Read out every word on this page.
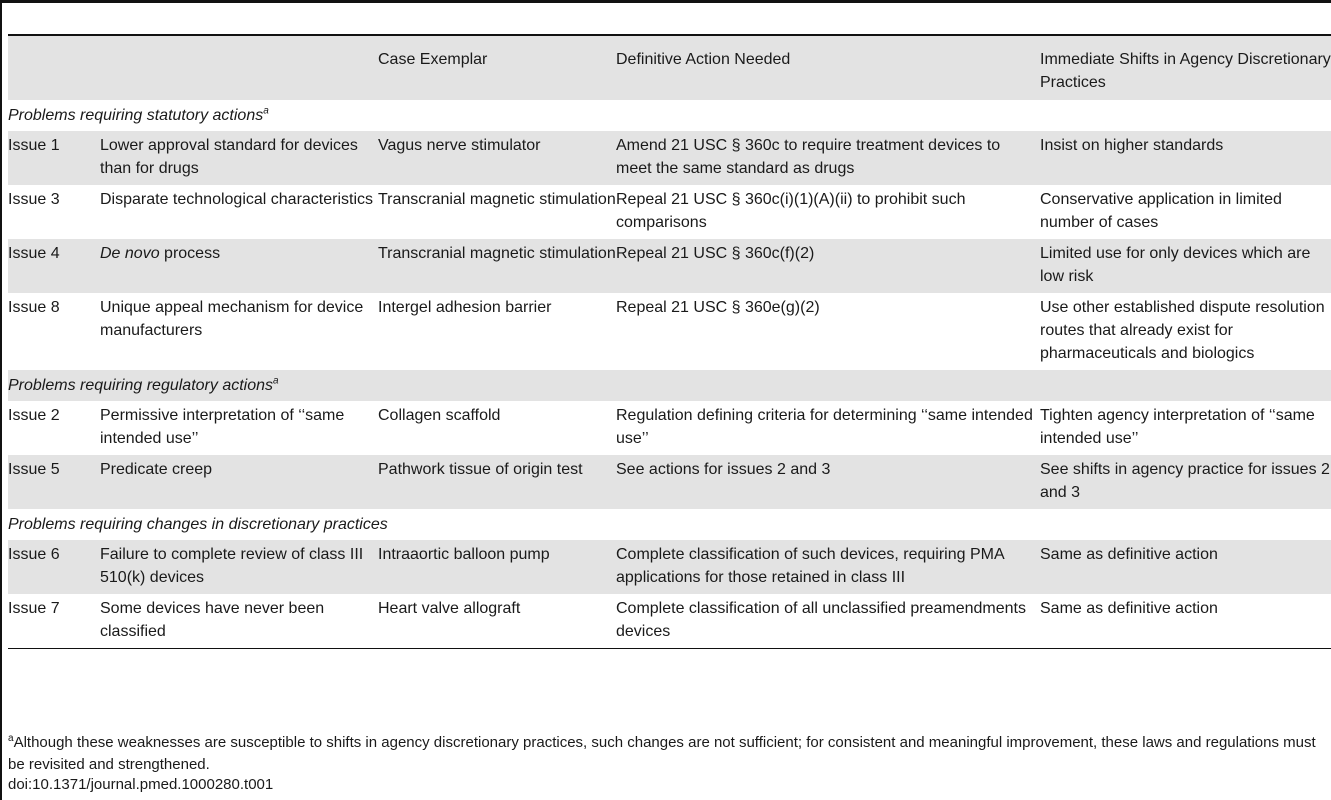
		Case Exemplar	Definitive Action Needed	Immediate Shifts in Agency Discretionary Practices
Problems requiring statutory actions$^a$
Issue 1	Lower approval standard for devices than for drugs	Vagus nerve stimulator	Amend 21 USC § 360c to require treatment devices to meet the same standard as drugs	Insist on higher standards
Issue 3	Disparate technological characteristics	Transcranial magnetic stimulation	Repeal 21 USC § 360c(i)(1)(A)(ii) to prohibit such comparisons	Conservative application in limited number of cases
Issue 4	De novo process	Transcranial magnetic stimulation	Repeal 21 USC § 360c(f)(2)	Limited use for only devices which are low risk
Issue 8	Unique appeal mechanism for device manufacturers	Intergel adhesion barrier	Repeal 21 USC § 360e(g)(2)	Use other established dispute resolution routes that already exist for
pharmaceuticals and biologics

Problems requiring regulatory actions$^a$
Issue 2	Permissive interpretation of ‘‘same intended use’’	Collagen scaffold	Regulation defining criteria for determining ‘‘same intended use’’	Tighten agency interpretation of ‘‘same intended use’’
Issue 5	Predicate creep	Pathwork tissue of origin test	See actions for issues 2 and 3	See shifts in agency practice for issues 2 and 3
Problems requiring changes in discretionary practices				
Issue 6	Failure to complete review of class III 510(k) devices	Intraaortic balloon pump	Complete classification of such devices, requiring PMA applications for those retained in class III	Same as definitive action
Issue 7	Some devices have never been classified	Heart valve allograft	Complete classification of all unclassified preamendments devices	Same as definitive action
$^a$Although these weaknesses are susceptible to shifts in agency discretionary practices, such changes are not sufficient; for consistent and meaningful improvement, these laws and regulations must be revisited and strengthened.
doi:10.1371/journal.pmed.1000280.t001
